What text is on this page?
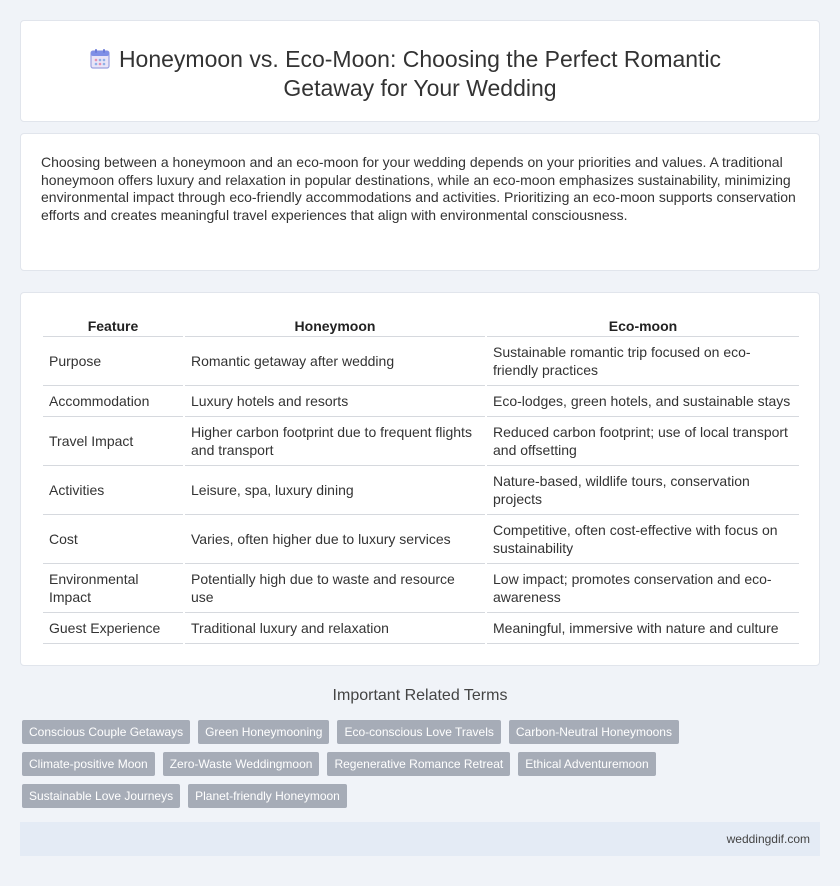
Honeymoon vs. Eco-Moon: Choosing the Perfect Romantic
Getaway for Your Wedding

Choosing between a honeymoon and an eco-moon for your wedding depends on your priorities and values. A traditional honeymoon offers luxury and relaxation in popular destinations, while an eco-moon emphasizes sustainability, minimizing environmental impact through eco-friendly accommodations and activities. Prioritizing an eco-moon supports conservation efforts and creates meaningful travel experiences that align with environmental consciousness.

Feature	Honeymoon	Eco-moon
Purpose	Romantic getaway after wedding	Sustainable romantic trip focused on eco-friendly practices
Accommodation	Luxury hotels and resorts	Eco-lodges, green hotels, and sustainable stays
Travel Impact	Higher carbon footprint due to frequent flights and transport	Reduced carbon footprint; use of local transport and offsetting
Activities	Leisure, spa, luxury dining	Nature-based, wildlife tours, conservation projects
Cost	Varies, often higher due to luxury services	Competitive, often cost-effective with focus on sustainability
Environmental Impact	Potentially high due to waste and resource use	Low impact; promotes conservation and eco-awareness
Guest Experience	Traditional luxury and relaxation	Meaningful, immersive with nature and culture
Important Related Terms
Conscious Couple Getaways	Green Honeymooning	Eco-conscious Love Travels	Carbon-Neutral Honeymoons
Climate-positive Moon	Zero-Waste Weddingmoon	Regenerative Romance Retreat	Ethical Adventuremoon
Sustainable Love Journeys	Planet-friendly Honeymoon
weddingdif.com
